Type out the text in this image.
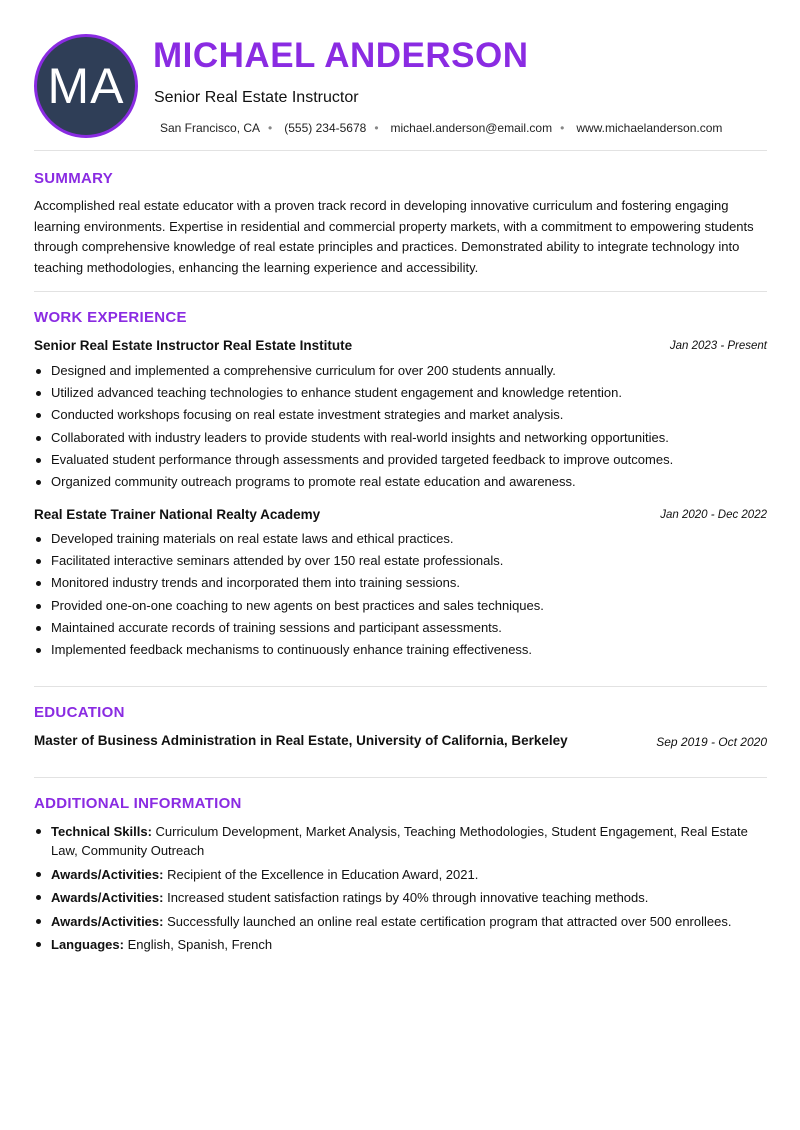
MA
MICHAEL ANDERSON
Senior Real Estate Instructor
San Francisco, CA • (555) 234-5678 • michael.anderson@email.com • www.michaelanderson.com
SUMMARY
Accomplished real estate educator with a proven track record in developing innovative curriculum and fostering engaging learning environments. Expertise in residential and commercial property markets, with a commitment to empowering students through comprehensive knowledge of real estate principles and practices. Demonstrated ability to integrate technology into teaching methodologies, enhancing the learning experience and accessibility.
WORK EXPERIENCE
Senior Real Estate Instructor Real Estate Institute	Jan 2023 - Present
Designed and implemented a comprehensive curriculum for over 200 students annually.
Utilized advanced teaching technologies to enhance student engagement and knowledge retention.
Conducted workshops focusing on real estate investment strategies and market analysis.
Collaborated with industry leaders to provide students with real-world insights and networking opportunities.
Evaluated student performance through assessments and provided targeted feedback to improve outcomes.
Organized community outreach programs to promote real estate education and awareness.
Real Estate Trainer National Realty Academy	Jan 2020 - Dec 2022
Developed training materials on real estate laws and ethical practices.
Facilitated interactive seminars attended by over 150 real estate professionals.
Monitored industry trends and incorporated them into training sessions.
Provided one-on-one coaching to new agents on best practices and sales techniques.
Maintained accurate records of training sessions and participant assessments.
Implemented feedback mechanisms to continuously enhance training effectiveness.
EDUCATION
Master of Business Administration in Real Estate, University of California, Berkeley	Sep 2019 - Oct 2020
ADDITIONAL INFORMATION
Technical Skills: Curriculum Development, Market Analysis, Teaching Methodologies, Student Engagement, Real Estate Law, Community Outreach
Awards/Activities: Recipient of the Excellence in Education Award, 2021.
Awards/Activities: Increased student satisfaction ratings by 40% through innovative teaching methods.
Awards/Activities: Successfully launched an online real estate certification program that attracted over 500 enrollees.
Languages: English, Spanish, French
